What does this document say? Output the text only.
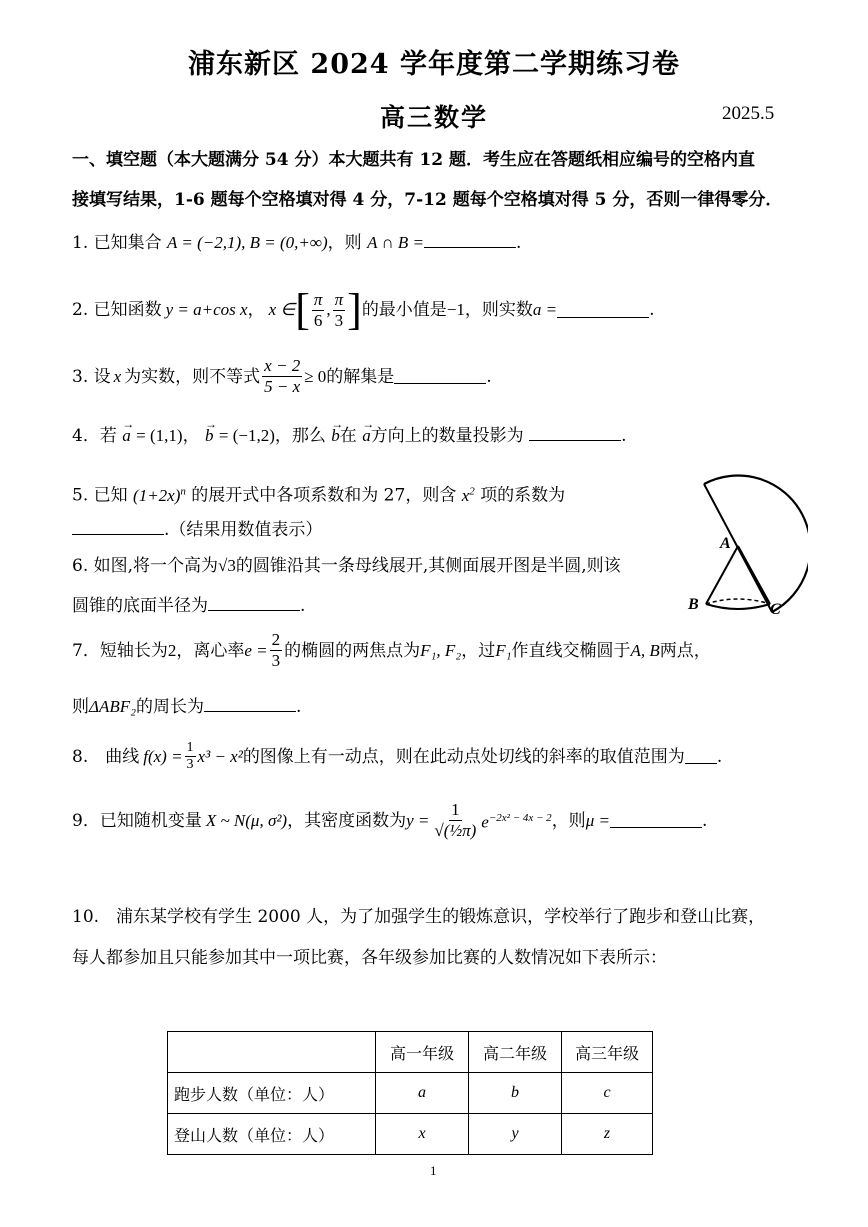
浦东新区 2024 学年度第二学期练习卷
高三数学	2025.5
一、填空题（本大题满分 54 分）本大题共有 12 题．考生应在答题纸相应编号的空格内直
接填写结果，1-6 题每个空格填对得 4 分，7-12 题每个空格填对得 5 分，否则一律得零分．
1. 已知集合 A = (−2,1), B = (0,+∞)，则 A ∩ B =	.
2. 已知函数 y = a+cos x ， x ∈ [ $\frac{\pi}{6}$ , $\frac{\pi}{3}$ ] 的最小值是 −1 ，则实数 a =	.
3. 设 x 为实数，则不等式 $\frac{x - 2}{5 - x} \ge 0$ 的解集是	.
4．若
→
a = (1,1)，
→
b = (−1,2)，那么
→
b在
→
a方向上的数量投影为	.
5. 已知 $(1+2x)^n$ 的展开式中各项系数和为 27，则含 $x^2$ 项的系数为
.（结果用数值表示）
6. 如图,将一个高为√3的圆锥沿其一条母线展开,其侧面展开图是半圆,则该
圆锥的底面半径为	.
A
B	C
7．短轴长为 2 ，离心率 $e = \frac{2}{3}$ 的椭圆的两焦点为 F₁, F₂ ，过 F₁ 作直线交椭圆于 A, B 两点，
则ΔABF₂的周长为	.
8.　曲线 $f(x) = \frac{1}{3} x^3 - x^2$ 的图像上有一动点，则在此动点处切线的斜率的取值范围为 .
9．已知随机变量 X ~ N(μ, σ²) ，其密度函数为 $y = \frac{1}{\text{√(½π)}} e^{-2x^2 - 4x - 2}$ ，则 μ =	.
10.　浦东某学校有学生 2000 人，为了加强学生的锻炼意识，学校举行了跑步和登山比赛，
每人都参加且只能参加其中一项比赛，各年级参加比赛的人数情况如下表所示：
	高一年级	高二年级	高三年级
跑步人数（单位：人）	a	b	c
登山人数（单位：人）	x	y	z
1
